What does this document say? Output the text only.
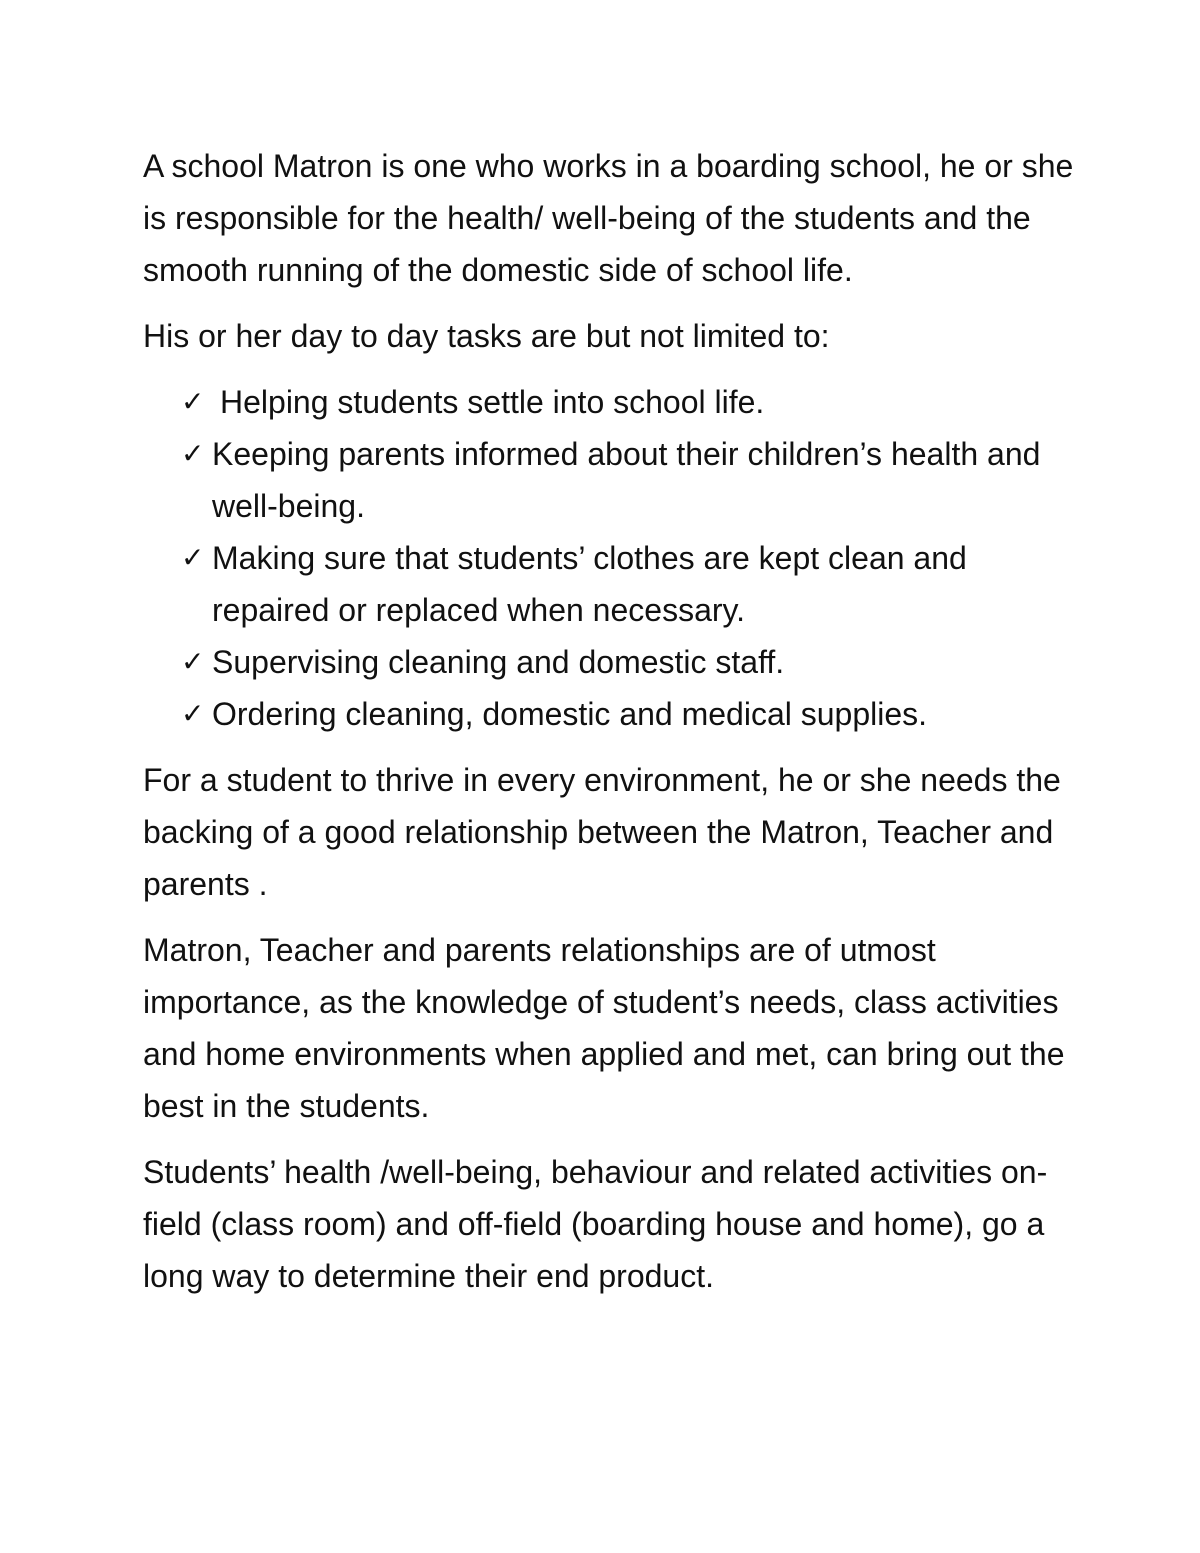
A school Matron is one who works in a boarding school, he or she is responsible for the health/ well-being of the students and the smooth running of the domestic side of school life.

His or her day to day tasks are but not limited to:

✓ Helping students settle into school life.
✓ Keeping parents informed about their children’s health and well-being.
✓ Making sure that students’ clothes are kept clean and repaired or replaced when necessary.
✓ Supervising cleaning and domestic staff.
✓ Ordering cleaning, domestic and medical supplies.

For a student to thrive in every environment, he or she needs the backing of a good relationship between the Matron, Teacher and parents .

Matron, Teacher and parents relationships are of utmost importance, as the knowledge of student’s needs, class activities and home environments when applied and met, can bring out the best in the students.

Students’ health /well-being, behaviour and related activities on-field (class room) and off-field (boarding house and home), go a long way to determine their end product.
